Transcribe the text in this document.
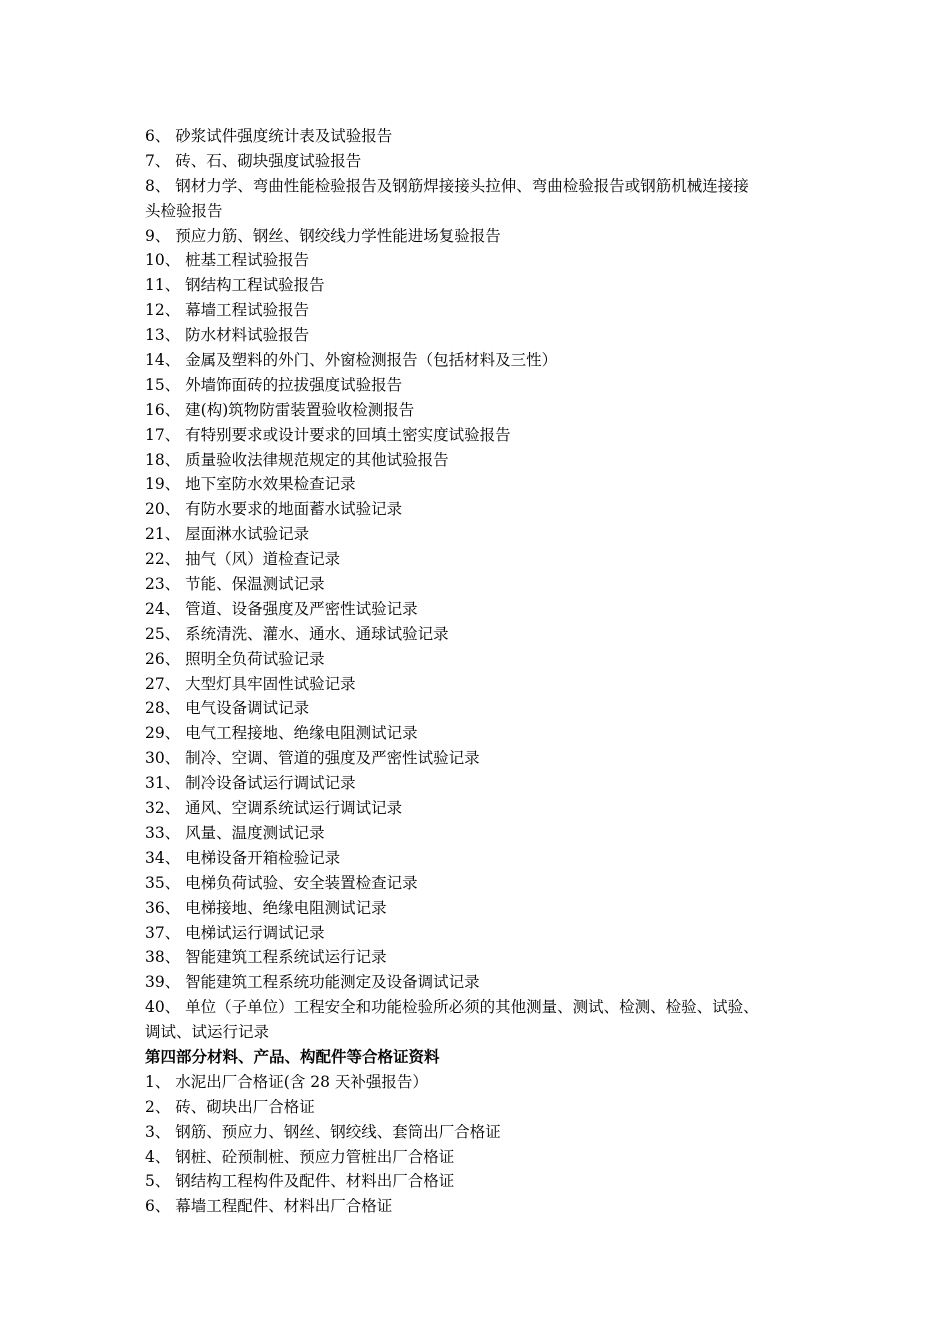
6、 砂浆试件强度统计表及试验报告
7、 砖、石、砌块强度试验报告
8、 钢材力学、弯曲性能检验报告及钢筋焊接接头拉伸、弯曲检验报告或钢筋机械连接接
头检验报告
9、 预应力筋、钢丝、钢绞线力学性能进场复验报告
10、 桩基工程试验报告
11、 钢结构工程试验报告
12、 幕墙工程试验报告
13、 防水材料试验报告
14、 金属及塑料的外门、外窗检测报告（包括材料及三性）
15、 外墙饰面砖的拉拔强度试验报告
16、 建(构)筑物防雷装置验收检测报告
17、 有特别要求或设计要求的回填土密实度试验报告
18、 质量验收法律规范规定的其他试验报告
19、 地下室防水效果检查记录
20、 有防水要求的地面蓄水试验记录
21、 屋面淋水试验记录
22、 抽气（风）道检查记录
23、 节能、保温测试记录
24、 管道、设备强度及严密性试验记录
25、 系统清洗、灌水、通水、通球试验记录
26、 照明全负荷试验记录
27、 大型灯具牢固性试验记录
28、 电气设备调试记录
29、 电气工程接地、绝缘电阻测试记录
30、 制冷、空调、管道的强度及严密性试验记录
31、 制冷设备试运行调试记录
32、 通风、空调系统试运行调试记录
33、 风量、温度测试记录
34、 电梯设备开箱检验记录
35、 电梯负荷试验、安全装置检查记录
36、 电梯接地、绝缘电阻测试记录
37、 电梯试运行调试记录
38、 智能建筑工程系统试运行记录
39、 智能建筑工程系统功能测定及设备调试记录
40、 单位（子单位）工程安全和功能检验所必须的其他测量、测试、检测、检验、试验、
调试、试运行记录
第四部分材料、产品、构配件等合格证资料
1、 水泥出厂合格证(含 28 天补强报告）
2、 砖、砌块出厂合格证
3、 钢筋、预应力、钢丝、钢绞线、套筒出厂合格证
4、 钢桩、砼预制桩、预应力管桩出厂合格证
5、 钢结构工程构件及配件、材料出厂合格证
6、 幕墙工程配件、材料出厂合格证
